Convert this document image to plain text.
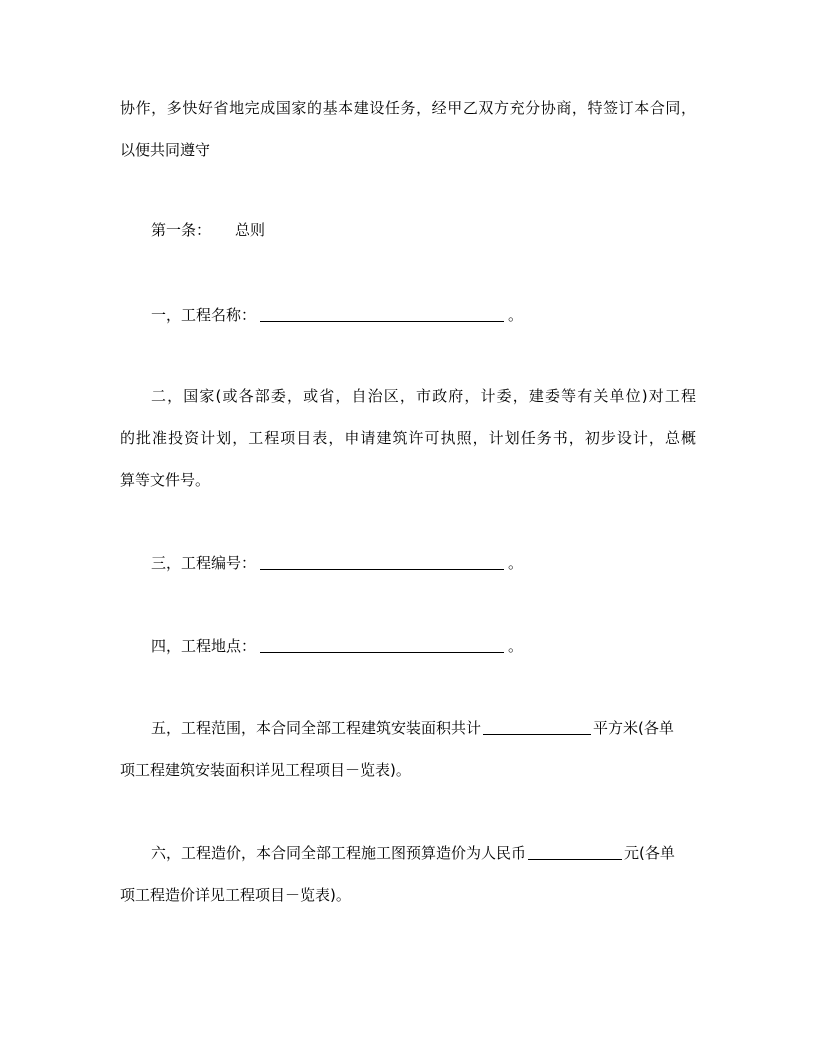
协作，多快好省地完成国家的基本建设任务，经甲乙双方充分协商，特签订本合同，
以便共同遵守
第一条： 总则
一，工程名称：	。
二，国家(或各部委，或省，自治区，市政府，计委，建委等有关单位)对工程
的批准投资计划，工程项目表，申请建筑许可执照，计划任务书，初步设计，总概
算等文件号。
三，工程编号：	。
四，工程地点：	。
五，工程范围，本合同全部工程建筑安装面积共计	平方米(各单
项工程建筑安装面积详见工程项目－览表)。
六，工程造价，本合同全部工程施工图预算造价为人民币	元(各单
项工程造价详见工程项目－览表)。
